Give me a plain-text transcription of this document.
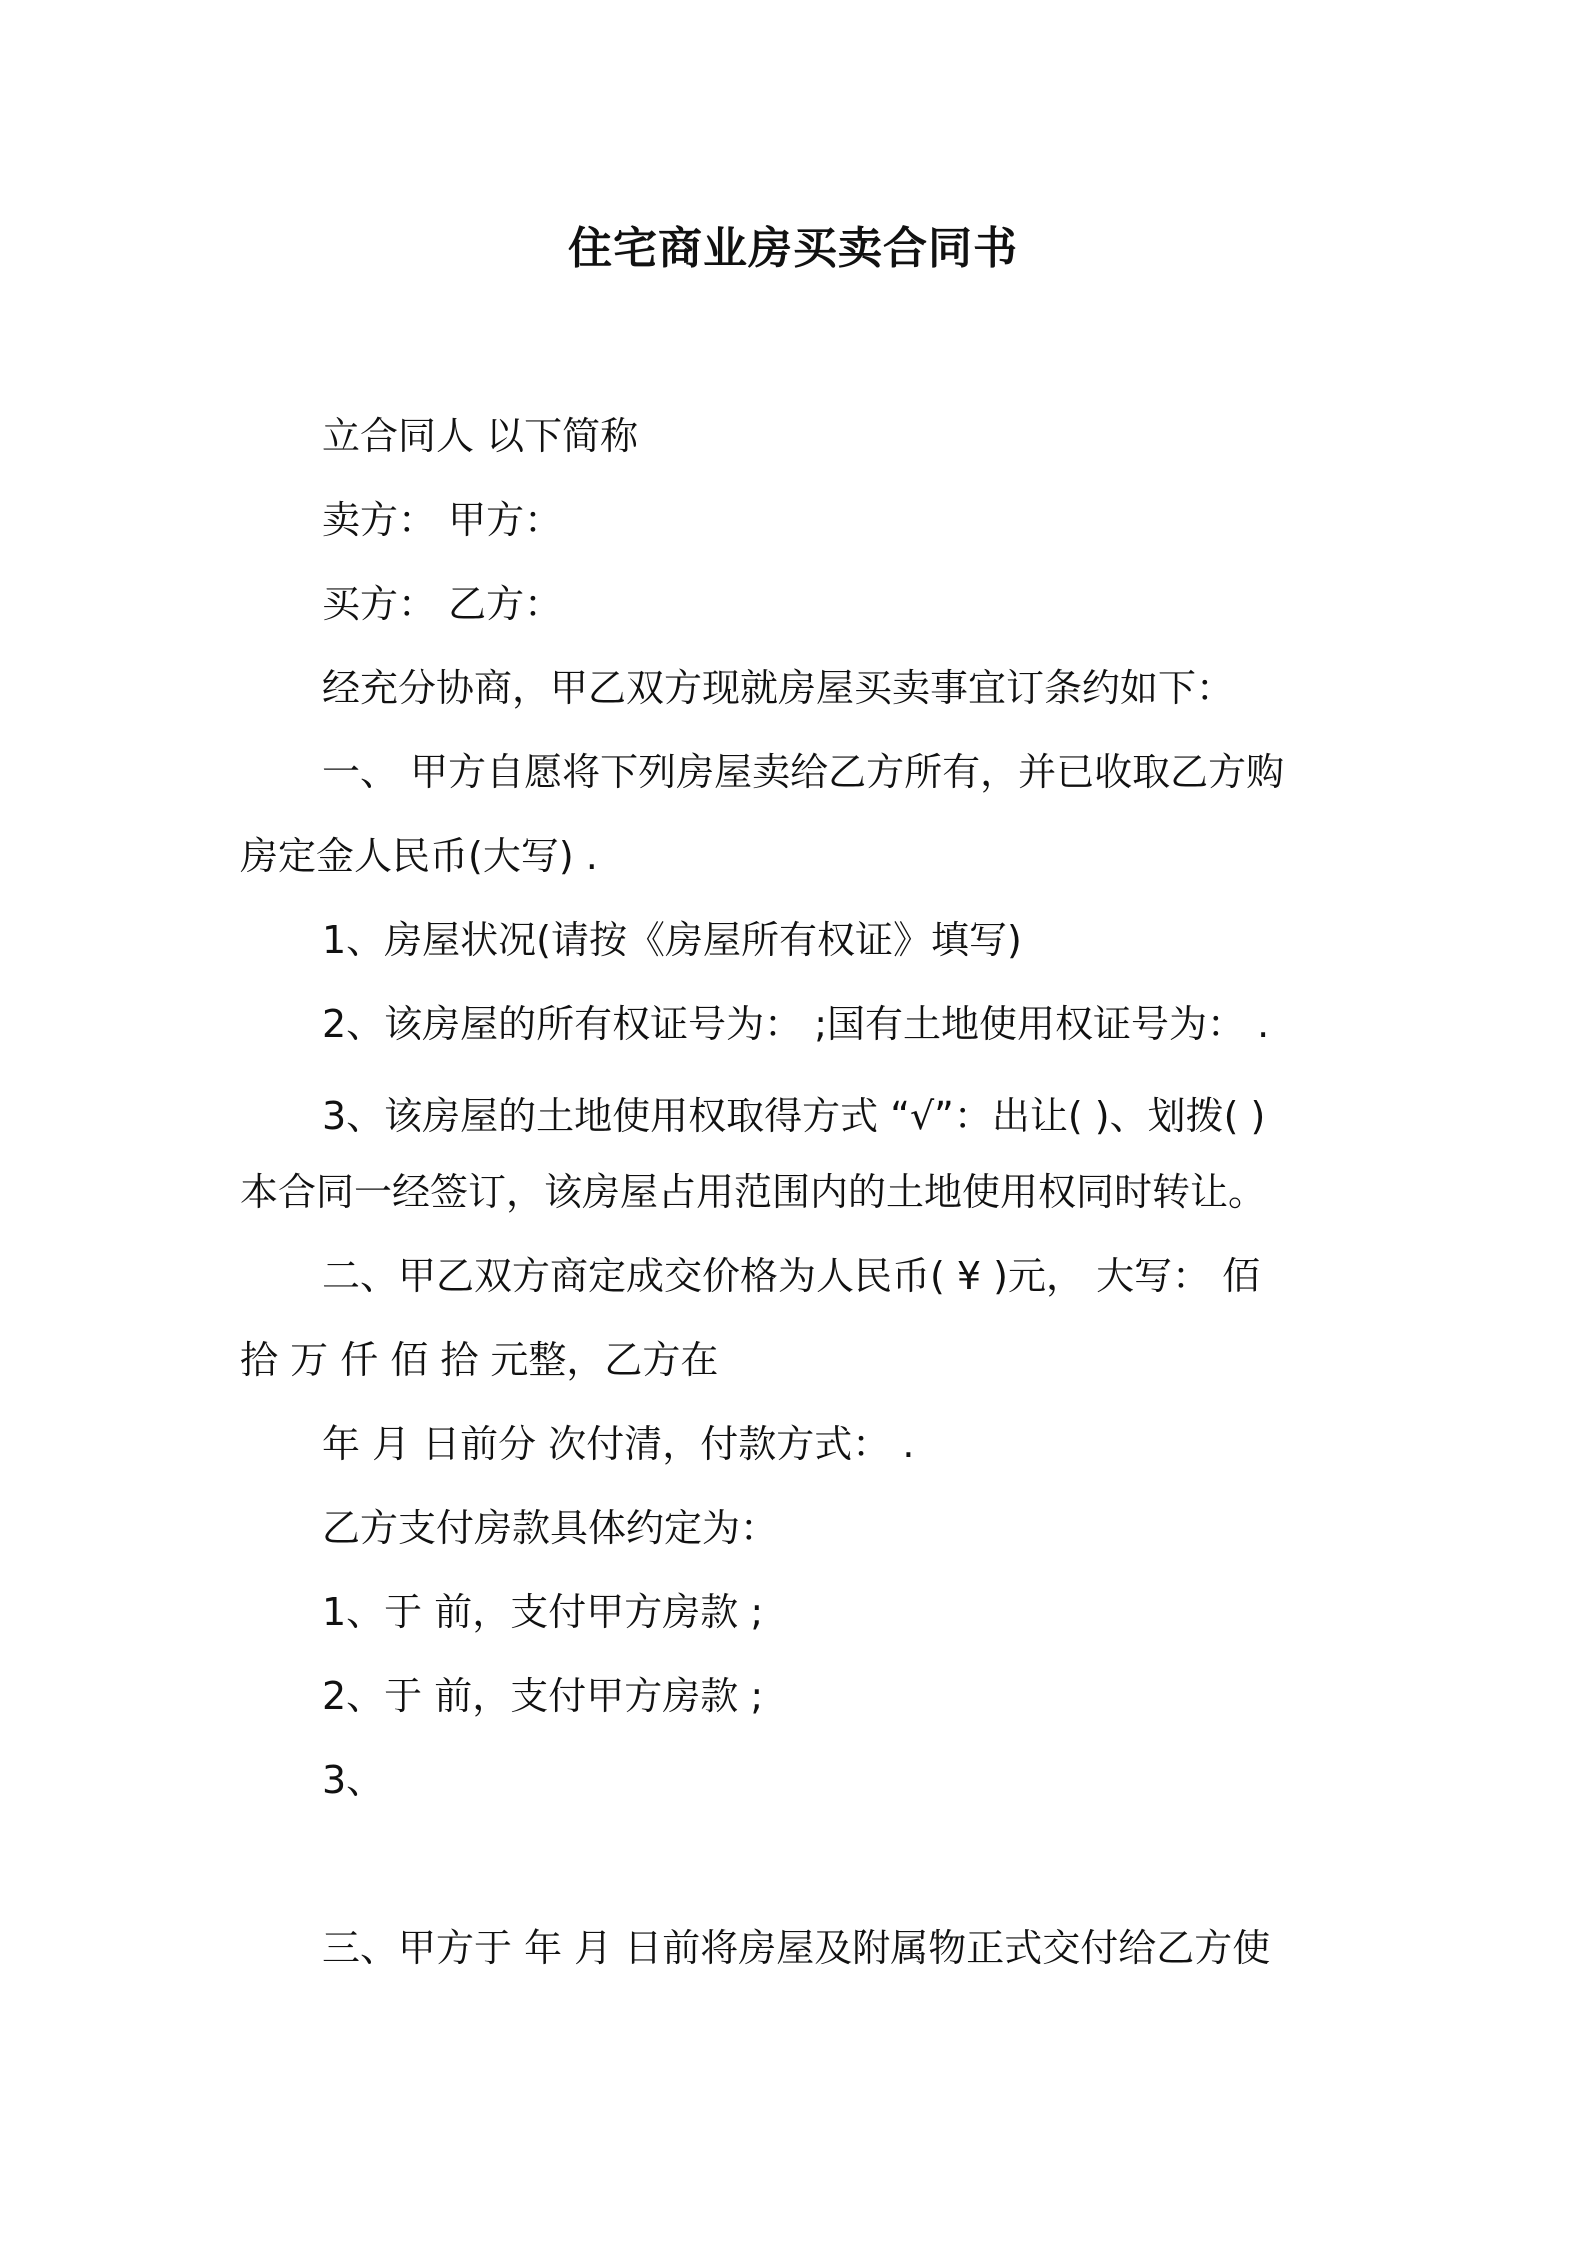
住宅商业房买卖合同书
立合同人 以下简称
卖方： 甲方：
买方： 乙方：
经充分协商，甲乙双方现就房屋买卖事宜订条约如下：
一、 甲方自愿将下列房屋卖给乙方所有，并已收取乙方购
房定金人民币(大写) .
1、房屋状况(请按《房屋所有权证》填写)
2、该房屋的所有权证号为： ;国有土地使用权证号为： .
3、该房屋的土地使用权取得方式 “√”：出让( )、划拨( )
本合同一经签订，该房屋占用范围内的土地使用权同时转让。
二、甲乙双方商定成交价格为人民币( ¥ )元， 大写： 佰
拾 万 仟 佰 拾 元整，乙方在
年 月 日前分 次付清，付款方式： .
乙方支付房款具体约定为：
1、于 前，支付甲方房款 ;
2、于 前，支付甲方房款 ;
3、
三、甲方于 年 月 日前将房屋及附属物正式交付给乙方使
